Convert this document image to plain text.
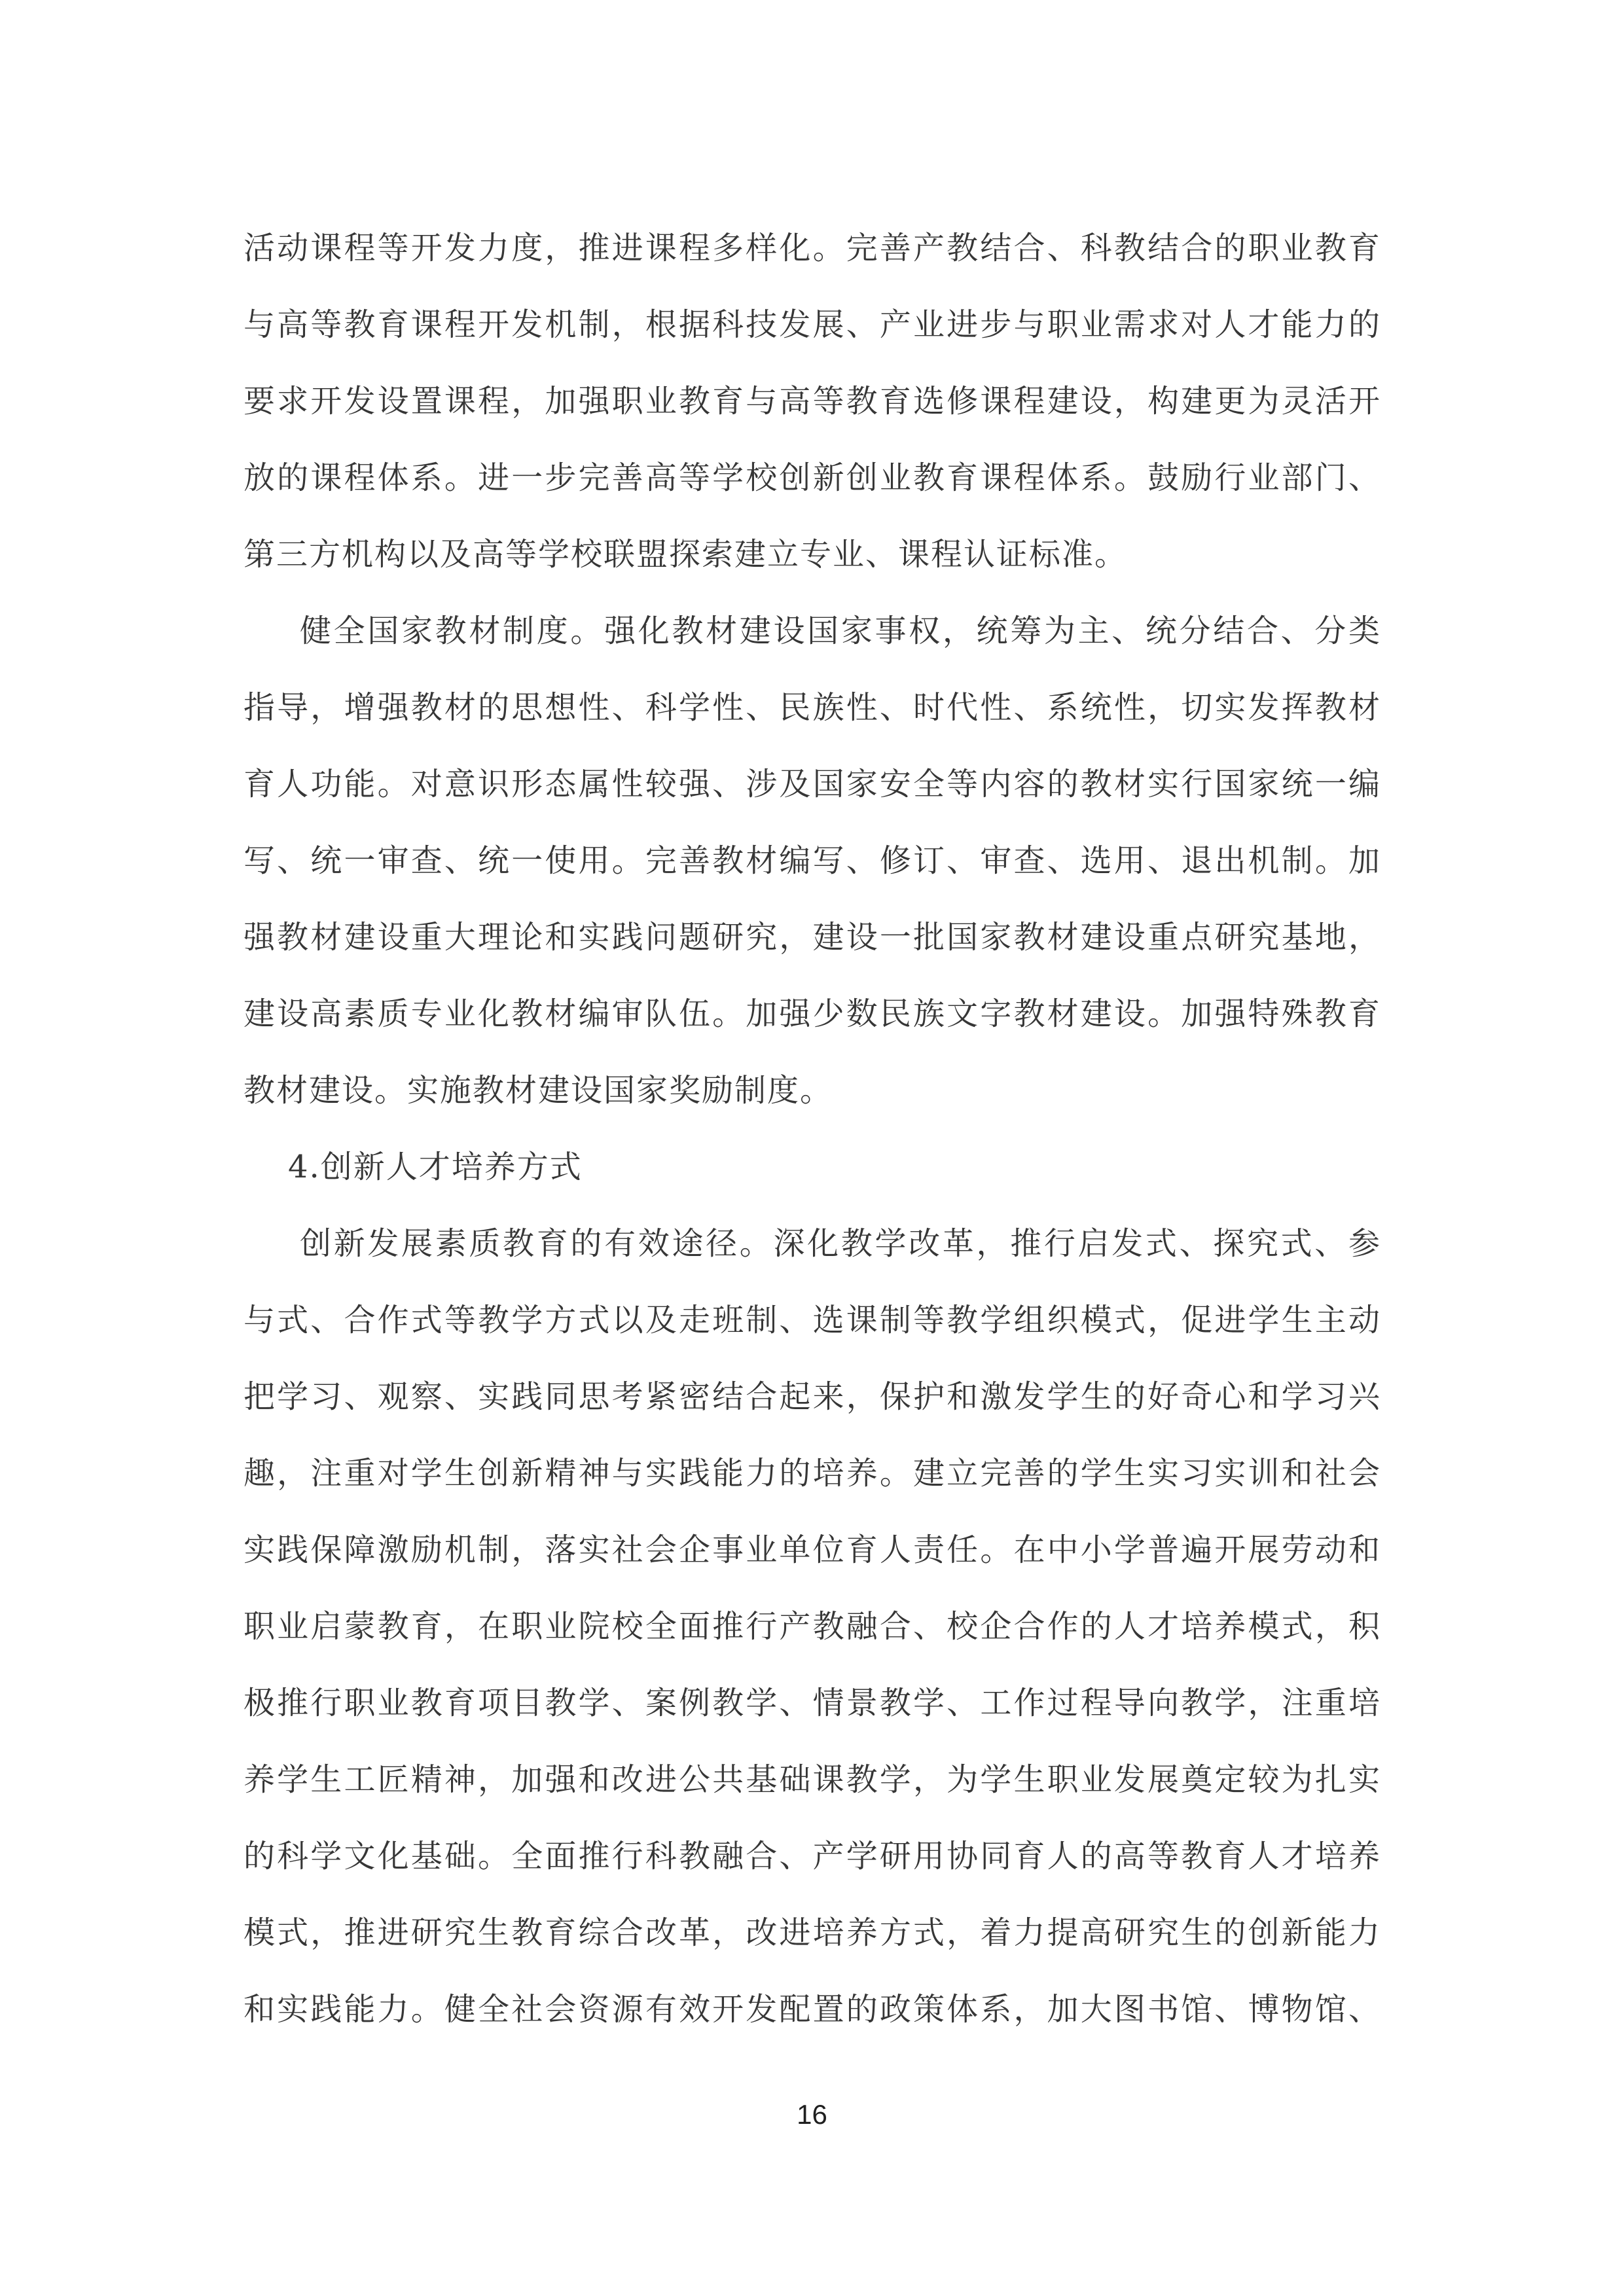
活动课程等开发力度，推进课程多样化。完善产教结合、科教结合的职业教育
与高等教育课程开发机制，根据科技发展、产业进步与职业需求对人才能力的
要求开发设置课程，加强职业教育与高等教育选修课程建设，构建更为灵活开
放的课程体系。进一步完善高等学校创新创业教育课程体系。鼓励行业部门、
第三方机构以及高等学校联盟探索建立专业、课程认证标准。
健全国家教材制度。强化教材建设国家事权，统筹为主、统分结合、分类
指导，增强教材的思想性、科学性、民族性、时代性、系统性，切实发挥教材
育人功能。对意识形态属性较强、涉及国家安全等内容的教材实行国家统一编
写、统一审查、统一使用。完善教材编写、修订、审查、选用、退出机制。加
强教材建设重大理论和实践问题研究，建设一批国家教材建设重点研究基地，
建设高素质专业化教材编审队伍。加强少数民族文字教材建设。加强特殊教育
教材建设。实施教材建设国家奖励制度。
4.创新人才培养方式
创新发展素质教育的有效途径。深化教学改革，推行启发式、探究式、参
与式、合作式等教学方式以及走班制、选课制等教学组织模式，促进学生主动
把学习、观察、实践同思考紧密结合起来，保护和激发学生的好奇心和学习兴
趣，注重对学生创新精神与实践能力的培养。建立完善的学生实习实训和社会
实践保障激励机制，落实社会企事业单位育人责任。在中小学普遍开展劳动和
职业启蒙教育，在职业院校全面推行产教融合、校企合作的人才培养模式，积
极推行职业教育项目教学、案例教学、情景教学、工作过程导向教学，注重培
养学生工匠精神，加强和改进公共基础课教学，为学生职业发展奠定较为扎实
的科学文化基础。全面推行科教融合、产学研用协同育人的高等教育人才培养
模式，推进研究生教育综合改革，改进培养方式，着力提高研究生的创新能力
和实践能力。健全社会资源有效开发配置的政策体系，加大图书馆、博物馆、
16
